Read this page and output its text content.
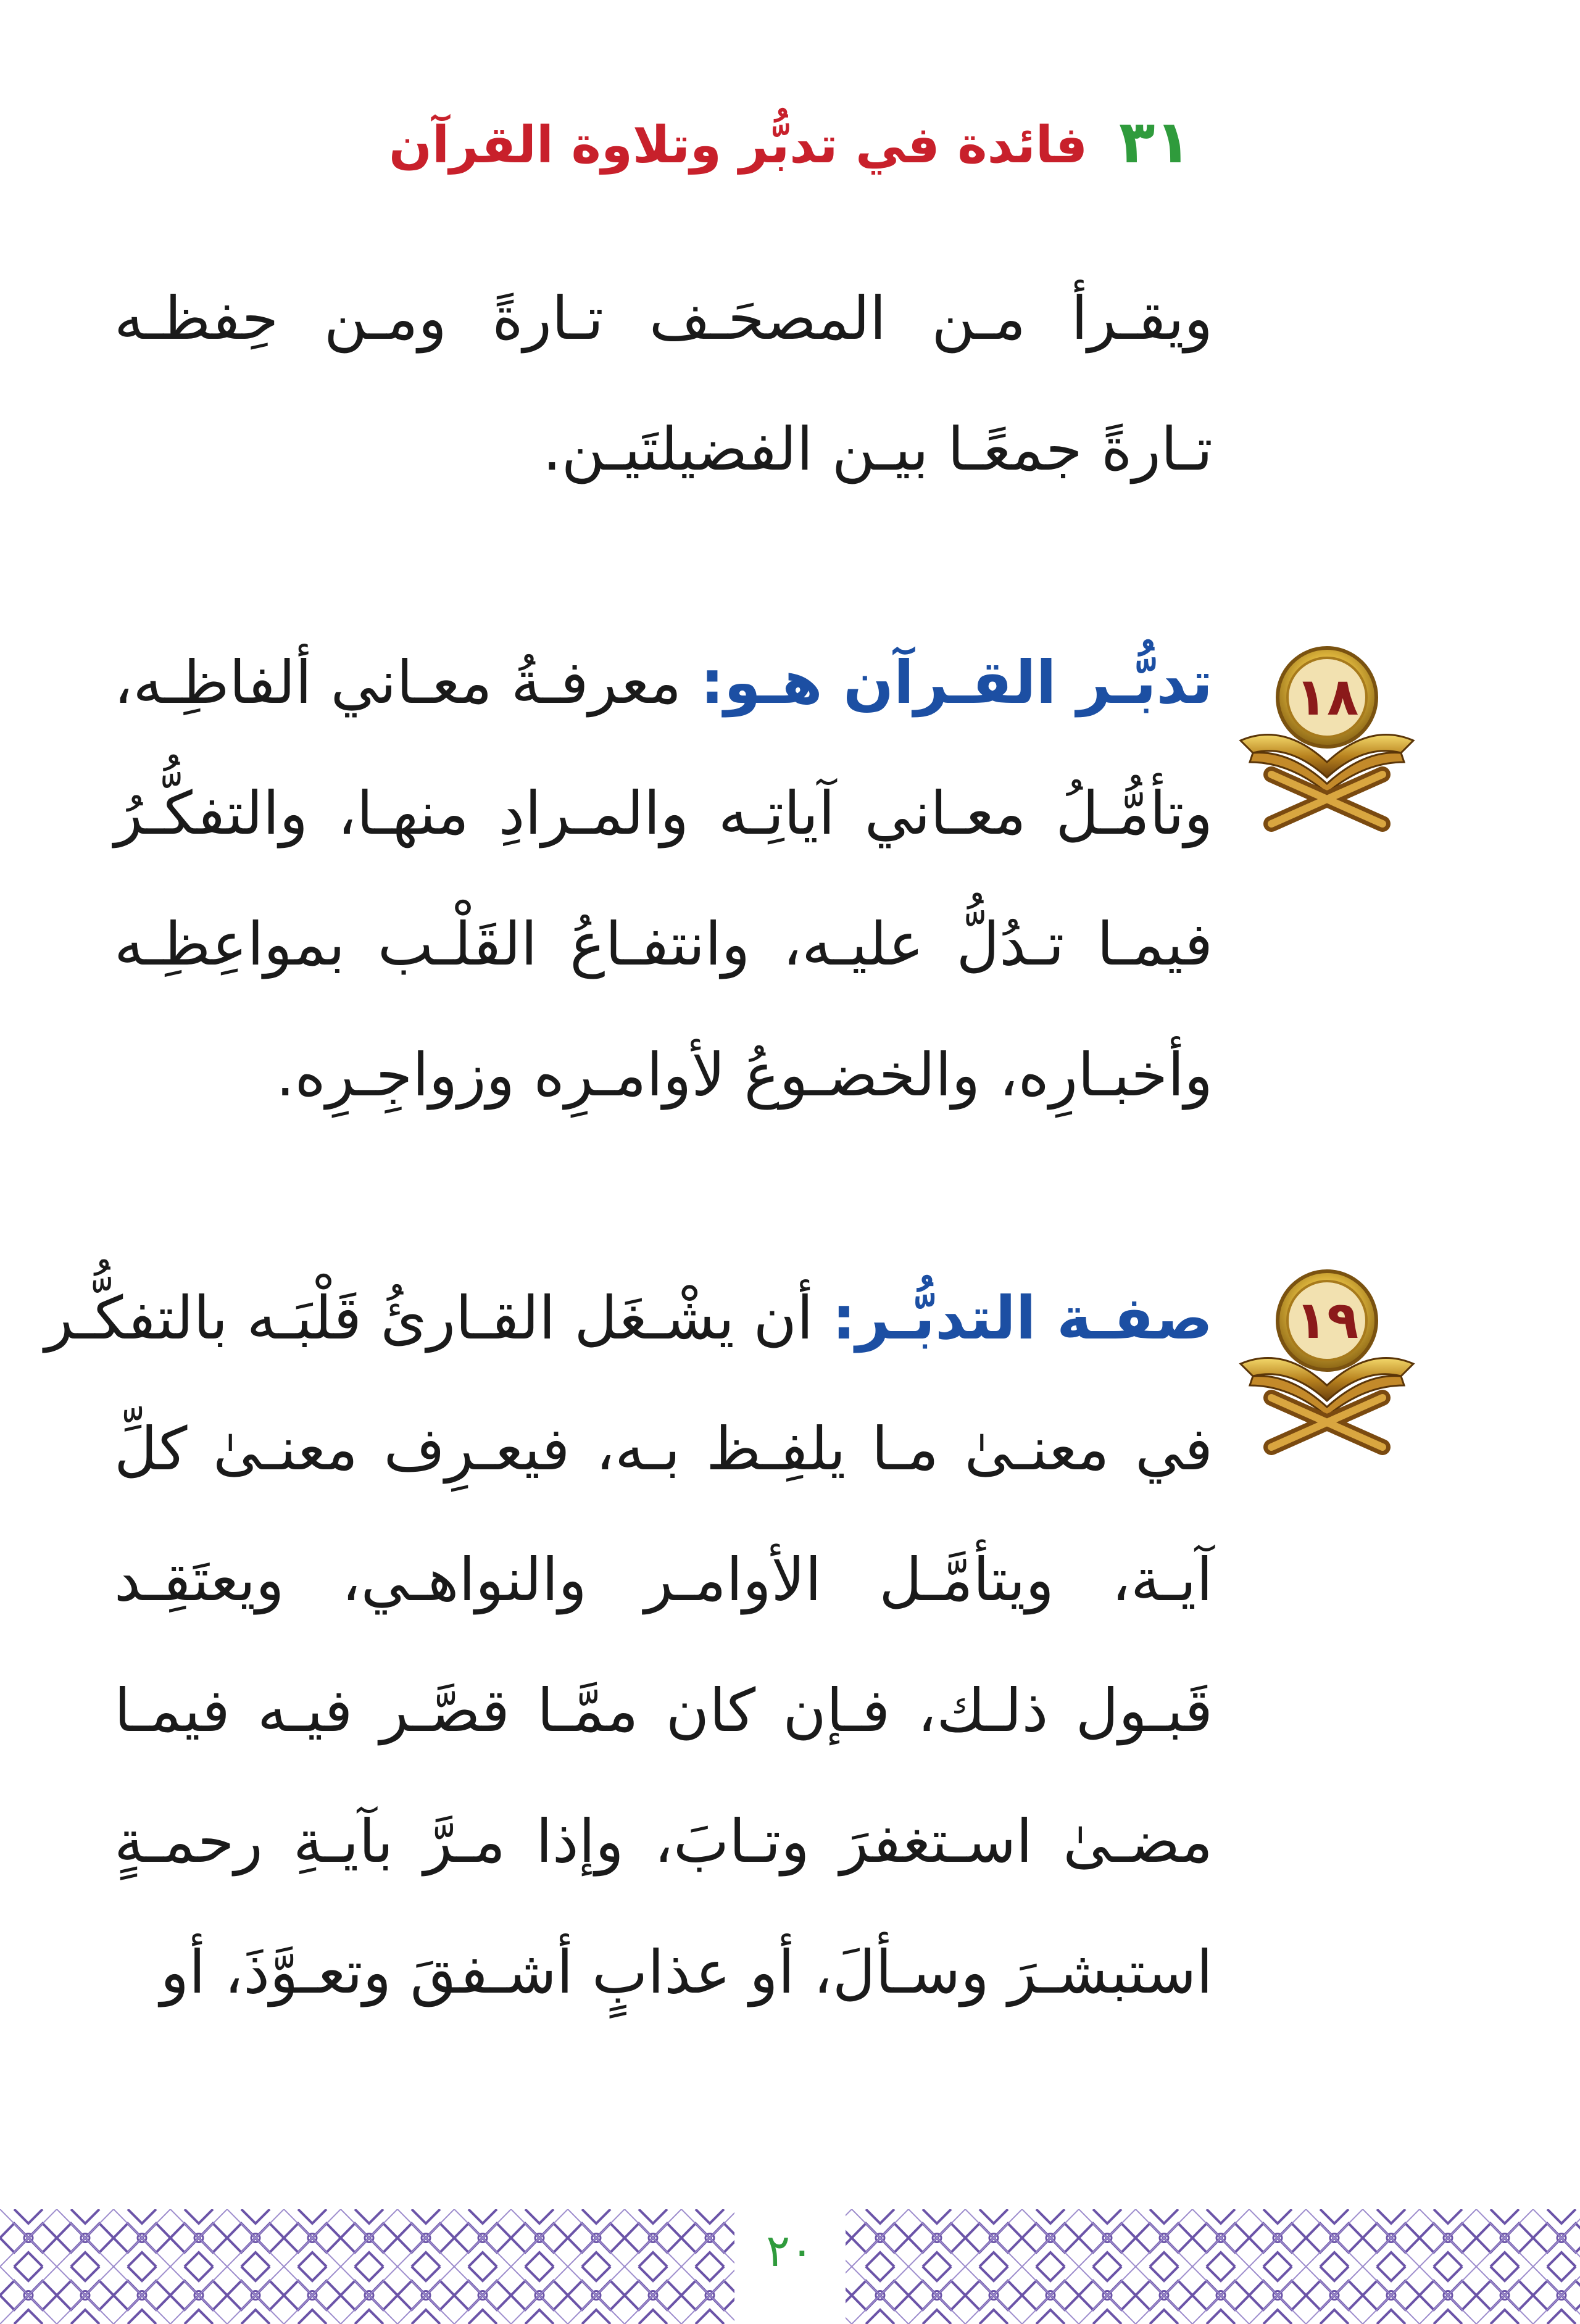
٣١ فائدة في تدبُّر وتلاوة القرآن
ويقـرأ مـن المصحَـف تـارةً ومـن حِفظـه
تـارةً جمعًـا بيـن الفضيلتَيـن.
١٨
تدبُّـر القـرآن هـو: معرفـةُ معـاني ألفاظِـه،
وتأمُّـلُ معـاني آياتِـه والمـرادِ منهـا، والتفكُّـرُ
فيمـا تـدُلُّ عليـه، وانتفـاعُ القَلْـب بمواعِظِـه
وأخبـارِه، والخضـوعُ لأوامـرِه وزواجِـرِه.
١٩
صفـة التدبُّـر: أن يشْـغَل القـارئُ قَلْبَـه بالتفكُّـر
في معنـىٰ مـا يلفِـظ بـه، فيعـرِف معنـىٰ كلِّ
آيـة، ويتأمَّـل الأوامـر والنواهـي، ويعتَقِـد
قَبـول ذلـك، فـإن كان ممَّـا قصَّـر فيـه فيمـا
مضـىٰ اسـتغفرَ وتـابَ، وإذا مـرَّ بآيـةِ رحمـةٍ
استبشـرَ وسـألَ، أو عذابٍ أشـفقَ وتعـوَّذَ، أو
٢٠
